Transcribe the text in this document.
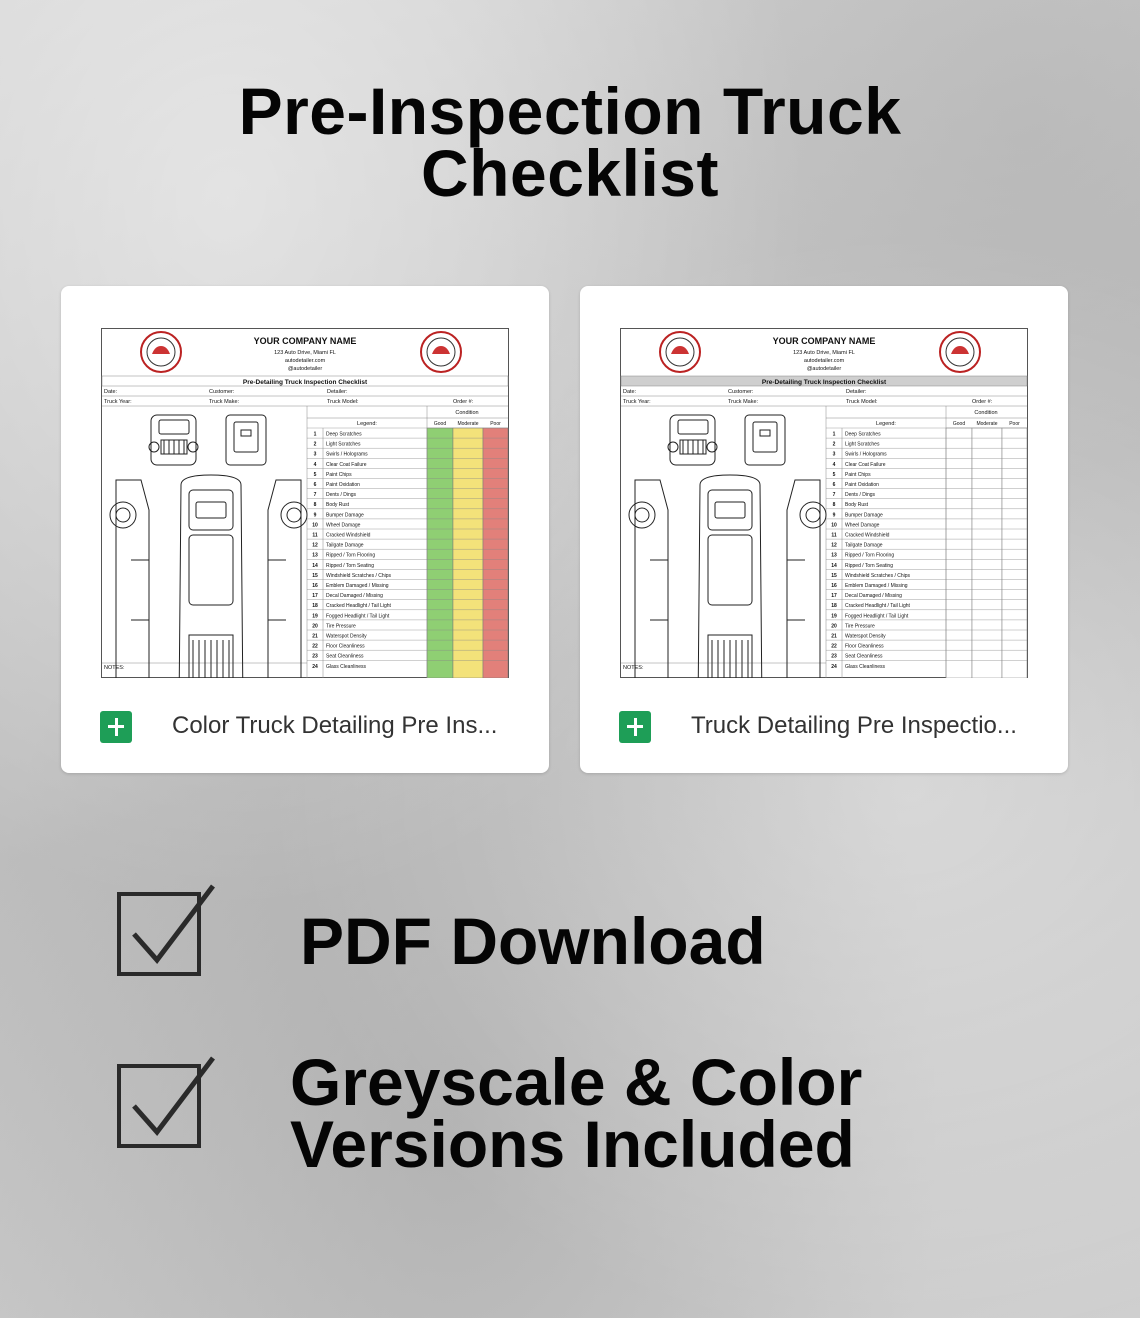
Pre-Inspection Truck
Checklist
YOUR COMPANY NAME
123 Auto Drive, Miami FL
autodetailer.com
@autodetailer
Pre-Detailing Truck Inspection Checklist
Date:	Customer:	Detailer:
Truck Year:	Truck Make:	Truck Model:	Order #:
Condition
Legend:	Good Moderate Poor
1 Deep Scratches
2 Light Scratches
3 Swirls / Holograms
4 Clear Coat Failure
5 Paint Chips
6 Paint Oxidation
7 Dents / Dings
8 Body Rust
9 Bumper Damage
10 Wheel Damage
11 Cracked Windshield
12 Tailgate Damage
13 Ripped / Torn Flooring
14 Ripped / Torn Seating
15 Windshield Scratches / Chips
16 Emblem Damaged / Missing
17 Decal Damaged / Missing
18 Cracked Headlight / Tail Light
19 Fogged Headlight / Tail Light
20 Tire Pressure
21 Waterspot Density
22 Floor Cleanliness
23 Seat Cleanliness
24 Glass Cleanliness
NOTES:
Color Truck Detailing Pre Ins...
YOUR COMPANY NAME
123 Auto Drive, Miami FL
autodetailer.com
@autodetailer
Pre-Detailing Truck Inspection Checklist
Date:	Customer:	Detailer:
Truck Year:	Truck Make:	Truck Model:	Order #:
Condition
Legend:	Good Moderate Poor
1 Deep Scratches
2 Light Scratches
3 Swirls / Holograms
4 Clear Coat Failure
5 Paint Chips
6 Paint Oxidation
7 Dents / Dings
8 Body Rust
9 Bumper Damage
10 Wheel Damage
11 Cracked Windshield
12 Tailgate Damage
13 Ripped / Torn Flooring
14 Ripped / Torn Seating
15 Windshield Scratches / Chips
16 Emblem Damaged / Missing
17 Decal Damaged / Missing
18 Cracked Headlight / Tail Light
19 Fogged Headlight / Tail Light
20 Tire Pressure
21 Waterspot Density
22 Floor Cleanliness
23 Seat Cleanliness
24 Glass Cleanliness
NOTES:
Truck Detailing Pre Inspectio...
PDF Download
Greyscale & Color
Versions Included
